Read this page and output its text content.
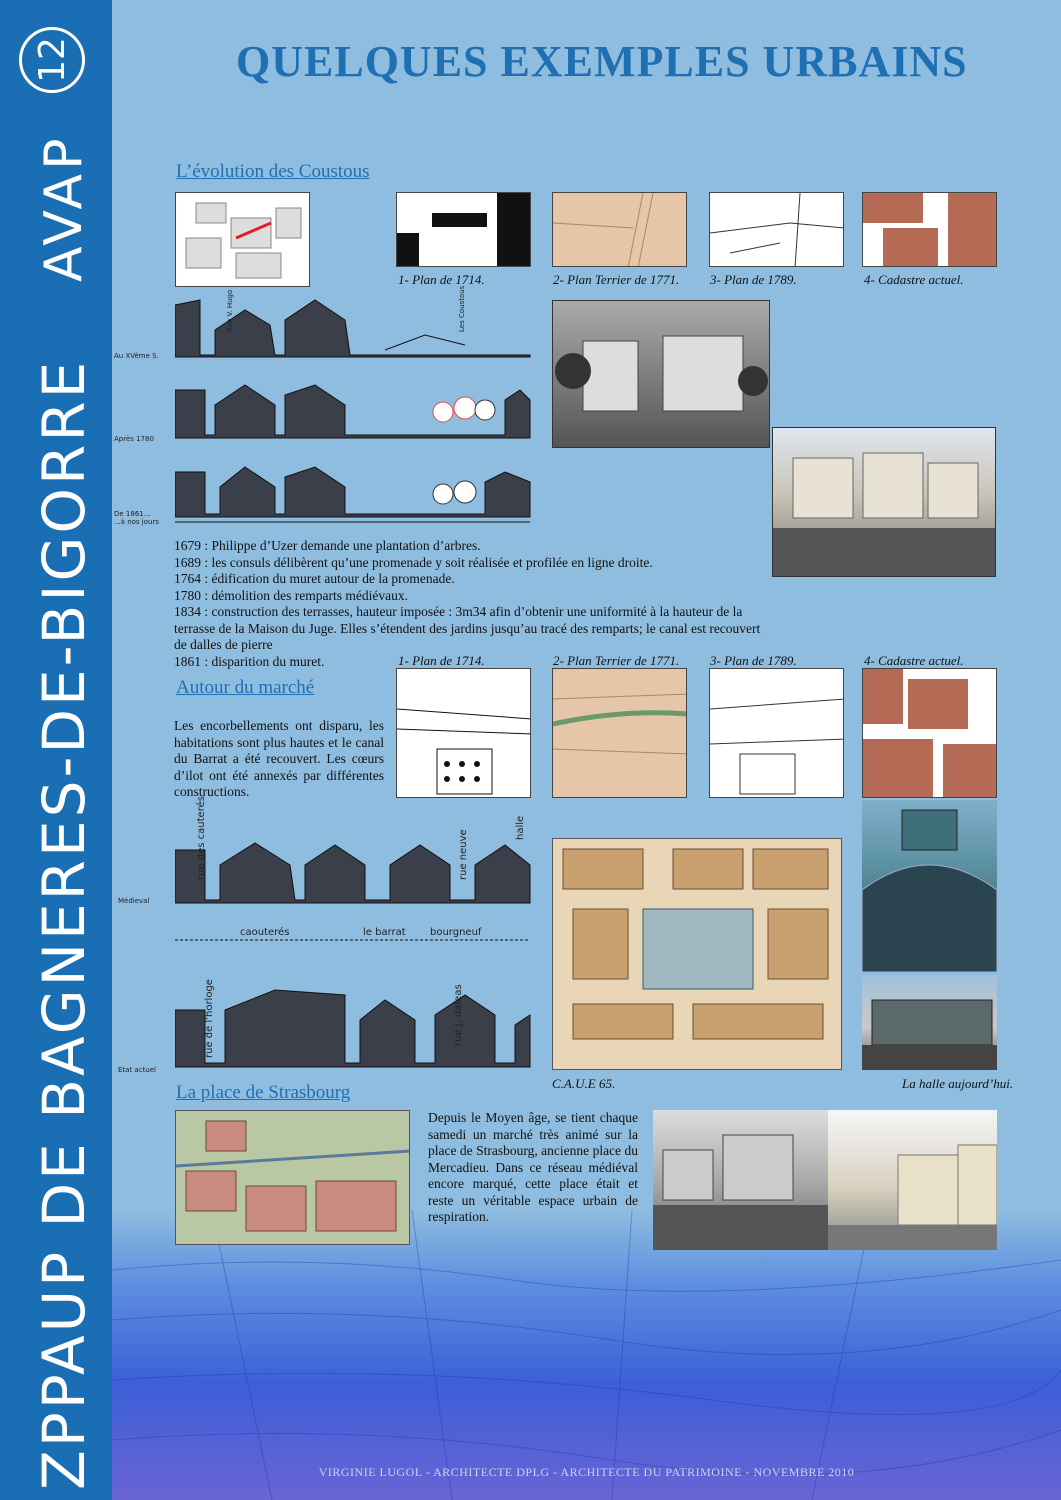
12
AVAP
ZPPAUP DE BAGNERES-DE-BIGORRE
QUELQUES EXEMPLES URBAINS
L’évolution des Coustous
1- Plan de 1714.	2- Plan Terrier de 1771. 3- Plan de 1789.	4- Cadastre actuel.
Rue V. Hugo	Les Coustous
Au XVème S.
Après 1780
De 1861...
...à nos jours
1679 : Philippe d’Uzer demande une plantation d’arbres.
1689 : les consuls délibèrent qu’une promenade y soit réalisée et profilée en ligne droite.
1764 : édification du muret autour de la promenade.
1780 : démolition des remparts médiévaux.
1834 : construction des terrasses, hauteur imposée : 3m34 afin d’obtenir une uniformité à la hauteur de la terrasse de la Maison du Juge. Elles s’étendent des jardins jusqu’au tracé des remparts; le canal est recouvert de dalles de pierre
1861 : disparition du muret.	1- Plan de 1714.	2- Plan Terrier de 1771. 3- Plan de 1789.	4- Cadastre actuel.
Autour du marché
Les encorbellements ont disparu, les habitations sont plus hautes et le canal du Barrat a été recouvert. Les cœurs d’ilot ont été annexés par différentes constructions.
rue des cauterés	rue neuve
halle
Médieval
caouterés	le barrat bourgneuf
rue de l'horloge	rue j. daleas
Etat actuel
C.A.U.E 65.	La halle aujourd’hui.
La place de Strasbourg
Depuis le Moyen âge, se tient chaque samedi un marché très animé sur la place de Strasbourg, ancienne place du Mercadieu. Dans ce réseau médiéval encore marqué, cette place était et reste un véritable espace urbain de respiration.
VIRGINIE LUGOL - ARCHITECTE DPLG - ARCHITECTE DU PATRIMOINE - NOVEMBRE 2010
